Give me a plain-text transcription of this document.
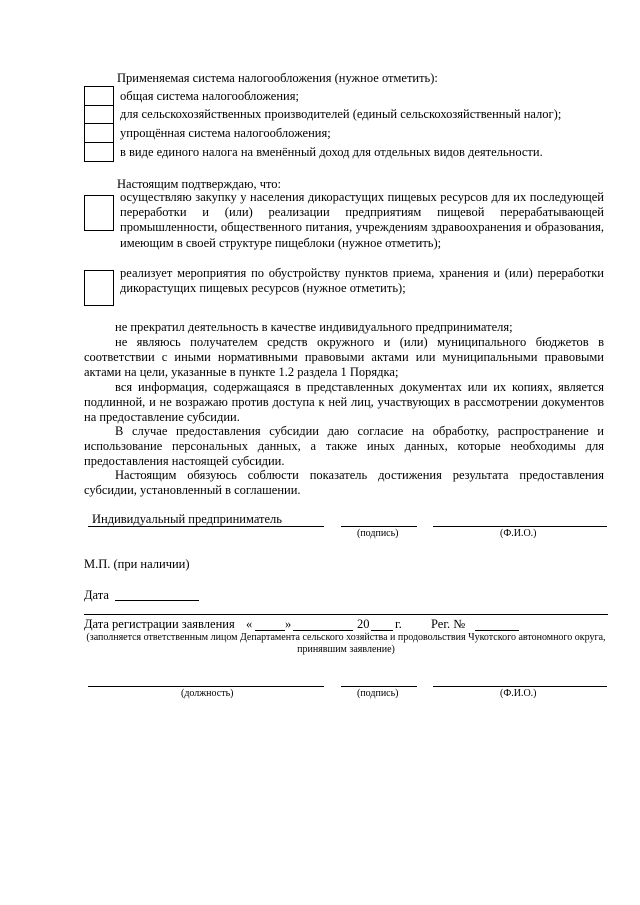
Применяемая система налогообложения (нужное отметить):
общая система налогообложения;
для сельскохозяйственных производителей (единый сельскохозяйственный налог);
упрощённая система налогообложения;
в виде единого налога на вменённый доход для отдельных видов деятельности.
Настоящим подтверждаю, что:
осуществляю закупку у населения дикорастущих пищевых ресурсов для их последующей переработки и (или) реализации предприятиям пищевой перерабатывающей промышленности, общественного питания, учреждениям здравоохранения и образования, имеющим в своей структуре пищеблоки (нужное отметить);
реализует мероприятия по обустройству пунктов приема, хранения и (или) переработки дикорастущих пищевых ресурсов (нужное отметить);
не прекратил деятельность в качестве индивидуального предпринимателя;
не являюсь получателем средств окружного и (или) муниципального бюджетов в соответствии с иными нормативными правовыми актами или муниципальными правовыми актами на цели, указанные в пункте 1.2 раздела 1 Порядка;
вся информация, содержащаяся в представленных документах или их копиях, является подлинной, и не возражаю против доступа к ней лиц, участвующих в рассмотрении документов на предоставление субсидии.
В случае предоставления субсидии даю согласие на обработку, распространение и использование персональных данных, а также иных данных, которые необходимы для предоставления настоящей субсидии.
Настоящим обязуюсь соблюсти показатель достижения результата предоставления субсидии, установленный в соглашении.
Индивидуальный предприниматель
(подпись)	(Ф.И.О.)
М.П. (при наличии)
Дата
Дата регистрации заявления «	»	20 г. Рег. №
(заполняется ответственным лицом Департамента сельского хозяйства и продовольствия Чукотского автономного округа, принявшим заявление)
(должность)	(подпись)	(Ф.И.О.)
